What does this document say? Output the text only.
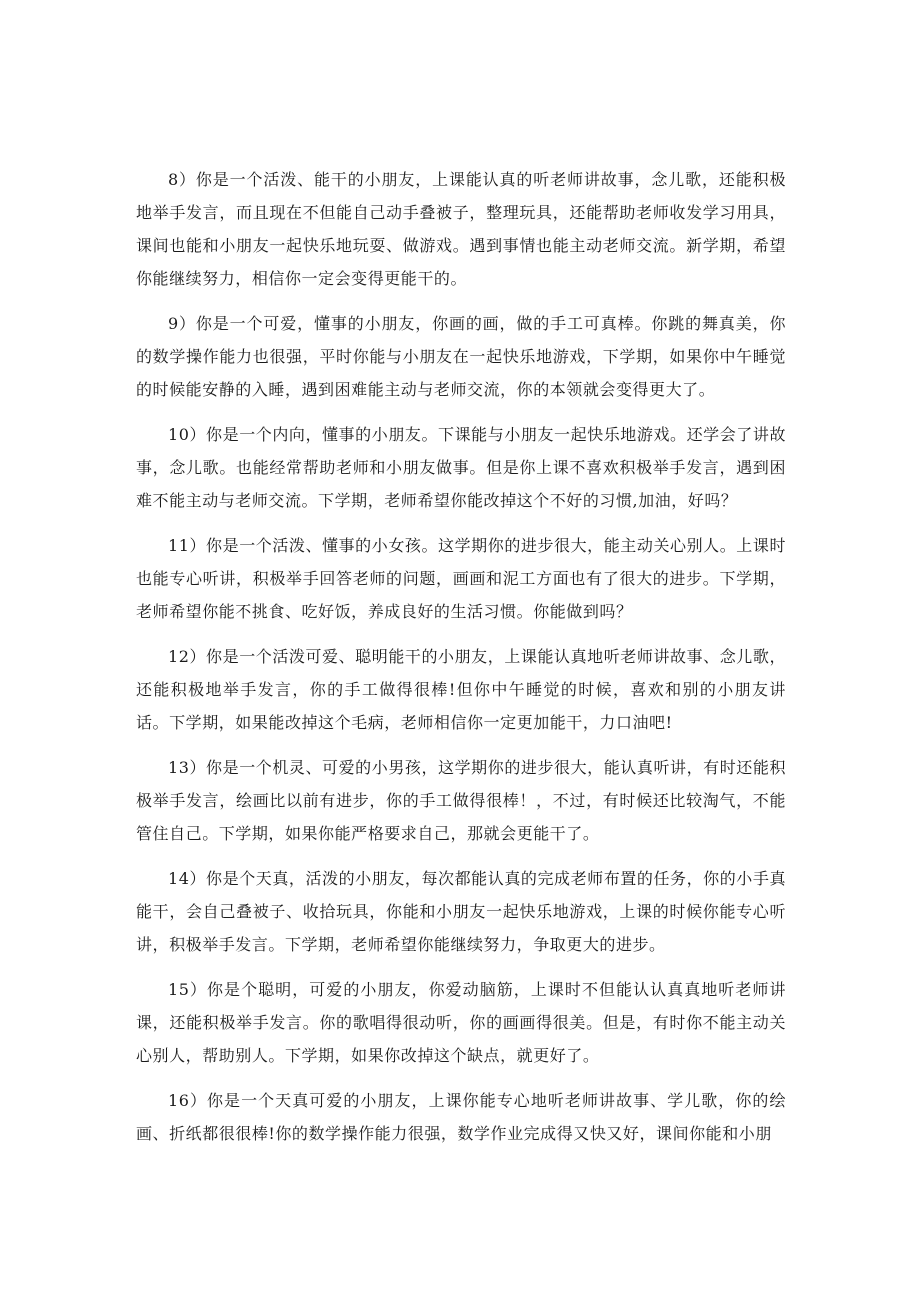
8）你是一个活泼、能干的小朋友，上课能认真的听老师讲故事，念儿歌，还能积极地举手发言，而且现在不但能自己动手叠被子，整理玩具，还能帮助老师收发学习用具，课间也能和小朋友一起快乐地玩耍、做游戏。遇到事情也能主动老师交流。新学期，希望你能继续努力，相信你一定会变得更能干的。

9）你是一个可爱，懂事的小朋友，你画的画，做的手工可真棒。你跳的舞真美，你的数学操作能力也很强，平时你能与小朋友在一起快乐地游戏，下学期，如果你中午睡觉的时候能安静的入睡，遇到困难能主动与老师交流，你的本领就会变得更大了。

10）你是一个内向，懂事的小朋友。下课能与小朋友一起快乐地游戏。还学会了讲故事，念儿歌。也能经常帮助老师和小朋友做事。但是你上课不喜欢积极举手发言，遇到困难不能主动与老师交流。下学期，老师希望你能改掉这个不好的习惯,加油，好吗？

11）你是一个活泼、懂事的小女孩。这学期你的进步很大，能主动关心别人。上课时也能专心听讲，积极举手回答老师的问题，画画和泥工方面也有了很大的进步。下学期，老师希望你能不挑食、吃好饭，养成良好的生活习惯。你能做到吗？

12）你是一个活泼可爱、聪明能干的小朋友，上课能认真地听老师讲故事、念儿歌，还能积极地举手发言，你的手工做得很棒!但你中午睡觉的时候，喜欢和别的小朋友讲话。下学期，如果能改掉这个毛病，老师相信你一定更加能干，力口油吧!

13）你是一个机灵、可爱的小男孩，这学期你的进步很大，能认真听讲，有时还能积极举手发言，绘画比以前有进步，你的手工做得很棒！，不过，有时候还比较淘气，不能管住自己。下学期，如果你能严格要求自己，那就会更能干了。

14）你是个天真，活泼的小朋友，每次都能认真的完成老师布置的任务，你的小手真能干，会自己叠被子、收拾玩具，你能和小朋友一起快乐地游戏，上课的时候你能专心听讲，积极举手发言。下学期，老师希望你能继续努力，争取更大的进步。

15）你是个聪明，可爱的小朋友，你爱动脑筋，上课时不但能认认真真地听老师讲课，还能积极举手发言。你的歌唱得很动听，你的画画得很美。但是，有时你不能主动关心别人，帮助别人。下学期，如果你改掉这个缺点，就更好了。

16）你是一个天真可爱的小朋友，上课你能专心地听老师讲故事、学儿歌，你的绘画、折纸都很很棒!你的数学操作能力很强，数学作业完成得又快又好，课间你能和小朋
